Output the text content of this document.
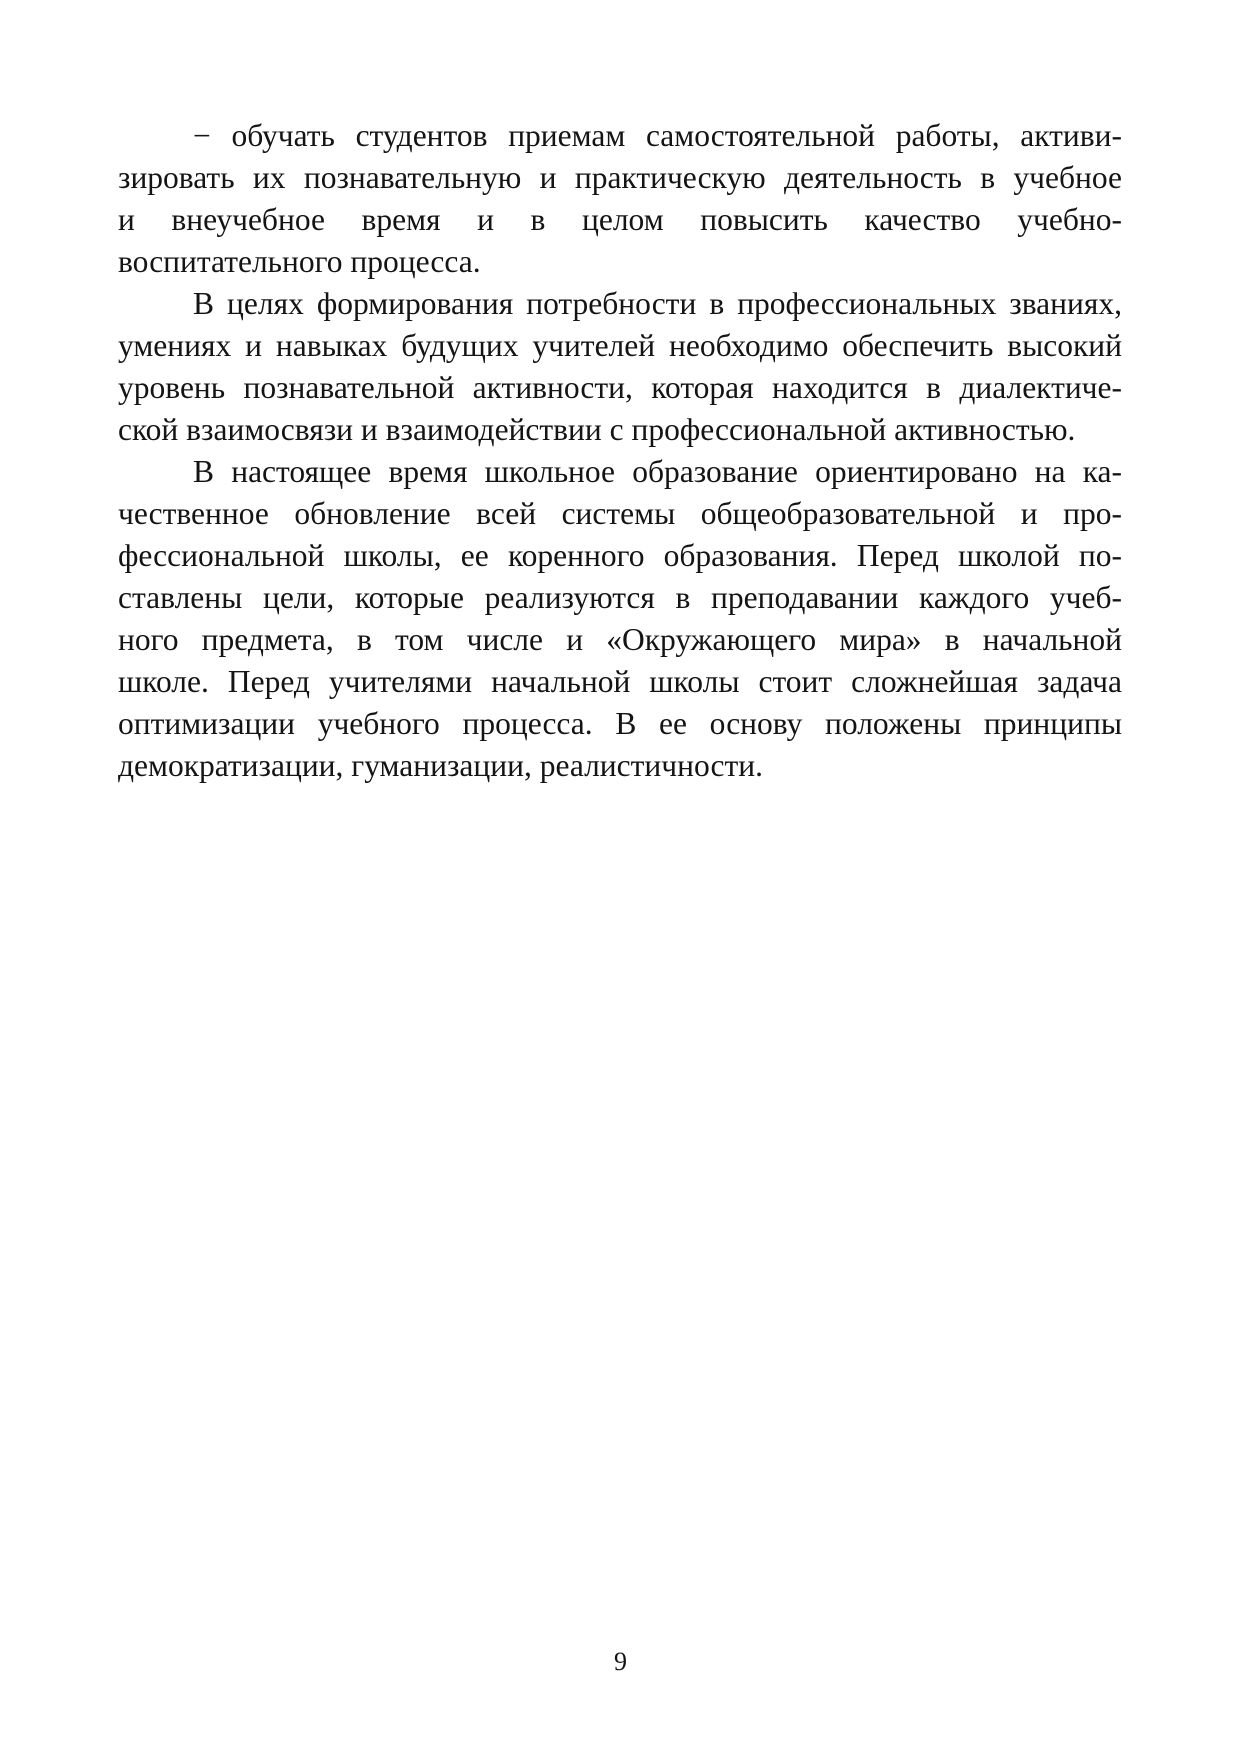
− обучать студентов приемам самостоятельной работы, активи-
зировать их познавательную и практическую деятельность в учебное
и внеучебное время и в целом повысить качество учебно-
воспитательного процесса.
В целях формирования потребности в профессиональных званиях,
умениях и навыках будущих учителей необходимо обеспечить высокий
уровень познавательной активности, которая находится в диалектиче-
ской взаимосвязи и взаимодействии с профессиональной активностью.
В настоящее время школьное образование ориентировано на ка-
чественное обновление всей системы общеобразовательной и про-
фессиональной школы, ее коренного образования. Перед школой по-
ставлены цели, которые реализуются в преподавании каждого учеб-
ного предмета, в том числе и «Окружающего мира» в начальной
школе. Перед учителями начальной школы стоит сложнейшая задача
оптимизации учебного процесса. В ее основу положены принципы
демократизации, гуманизации, реалистичности.
9
